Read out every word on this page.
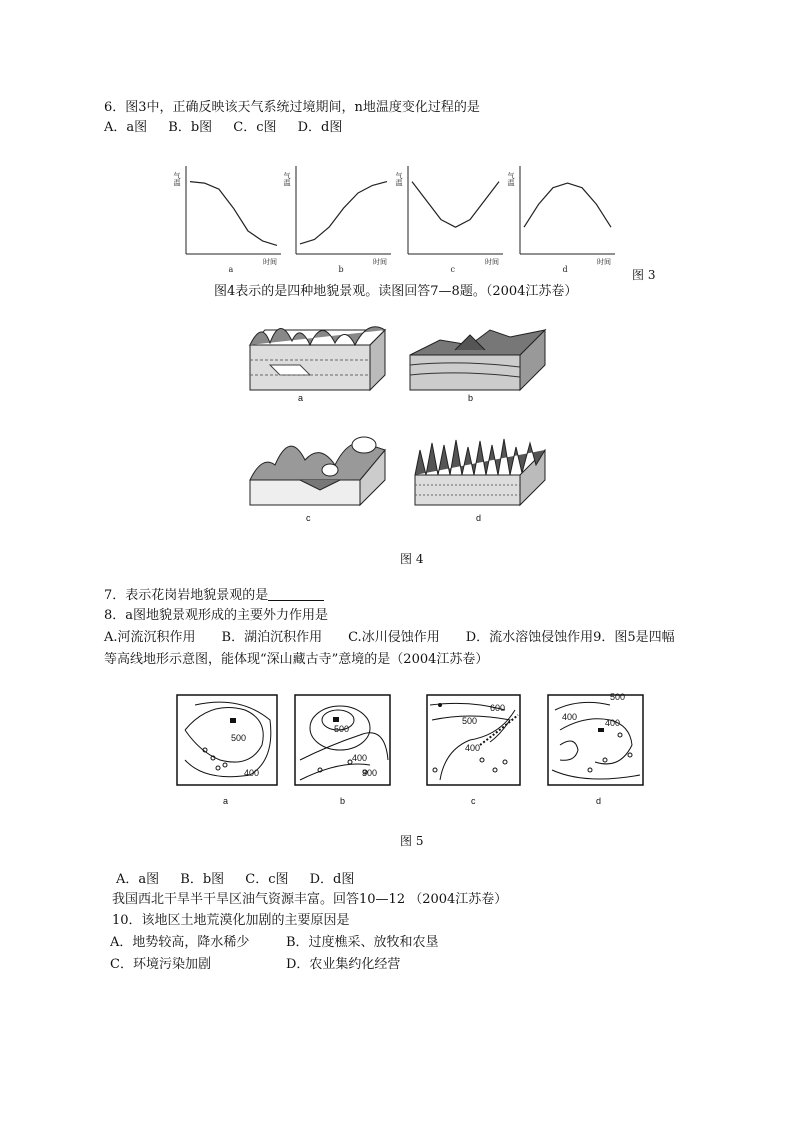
6．图3中，正确反映该天气系统过境期间，n地温度变化过程的是
A．a图　 B．b图　 C．c图　 D．d图
气温
时间
a
气温
时间
b
气温
时间
c
气温
时间
d	图 3
图4表示的是四种地貌景观。读图回答7—8题。（2004江苏卷）
a	b
c	d
图 4
7．表示花岗岩地貌景观的是
8．a图地貌景观形成的主要外力作用是
A.河流沉积作用　　B．湖泊沉积作用　　C.冰川侵蚀作用　　D．流水溶蚀侵蚀作用9．图5是四幅
等高线地形示意图，能体现“深山藏古寺”意境的是（2004江苏卷）
500
400
500
400
300
600
500
400
500
400
400
a	b	c	d
图 5
A．a图　 B．b图　 C．c图　 D．d图
我国西北干旱半干旱区油气资源丰富。回答10—12 （2004江苏卷）
10．该地区土地荒漠化加剧的主要原因是
A．地势较高，降水稀少	B．过度樵采、放牧和农垦
C．环境污染加剧	D．农业集约化经营
